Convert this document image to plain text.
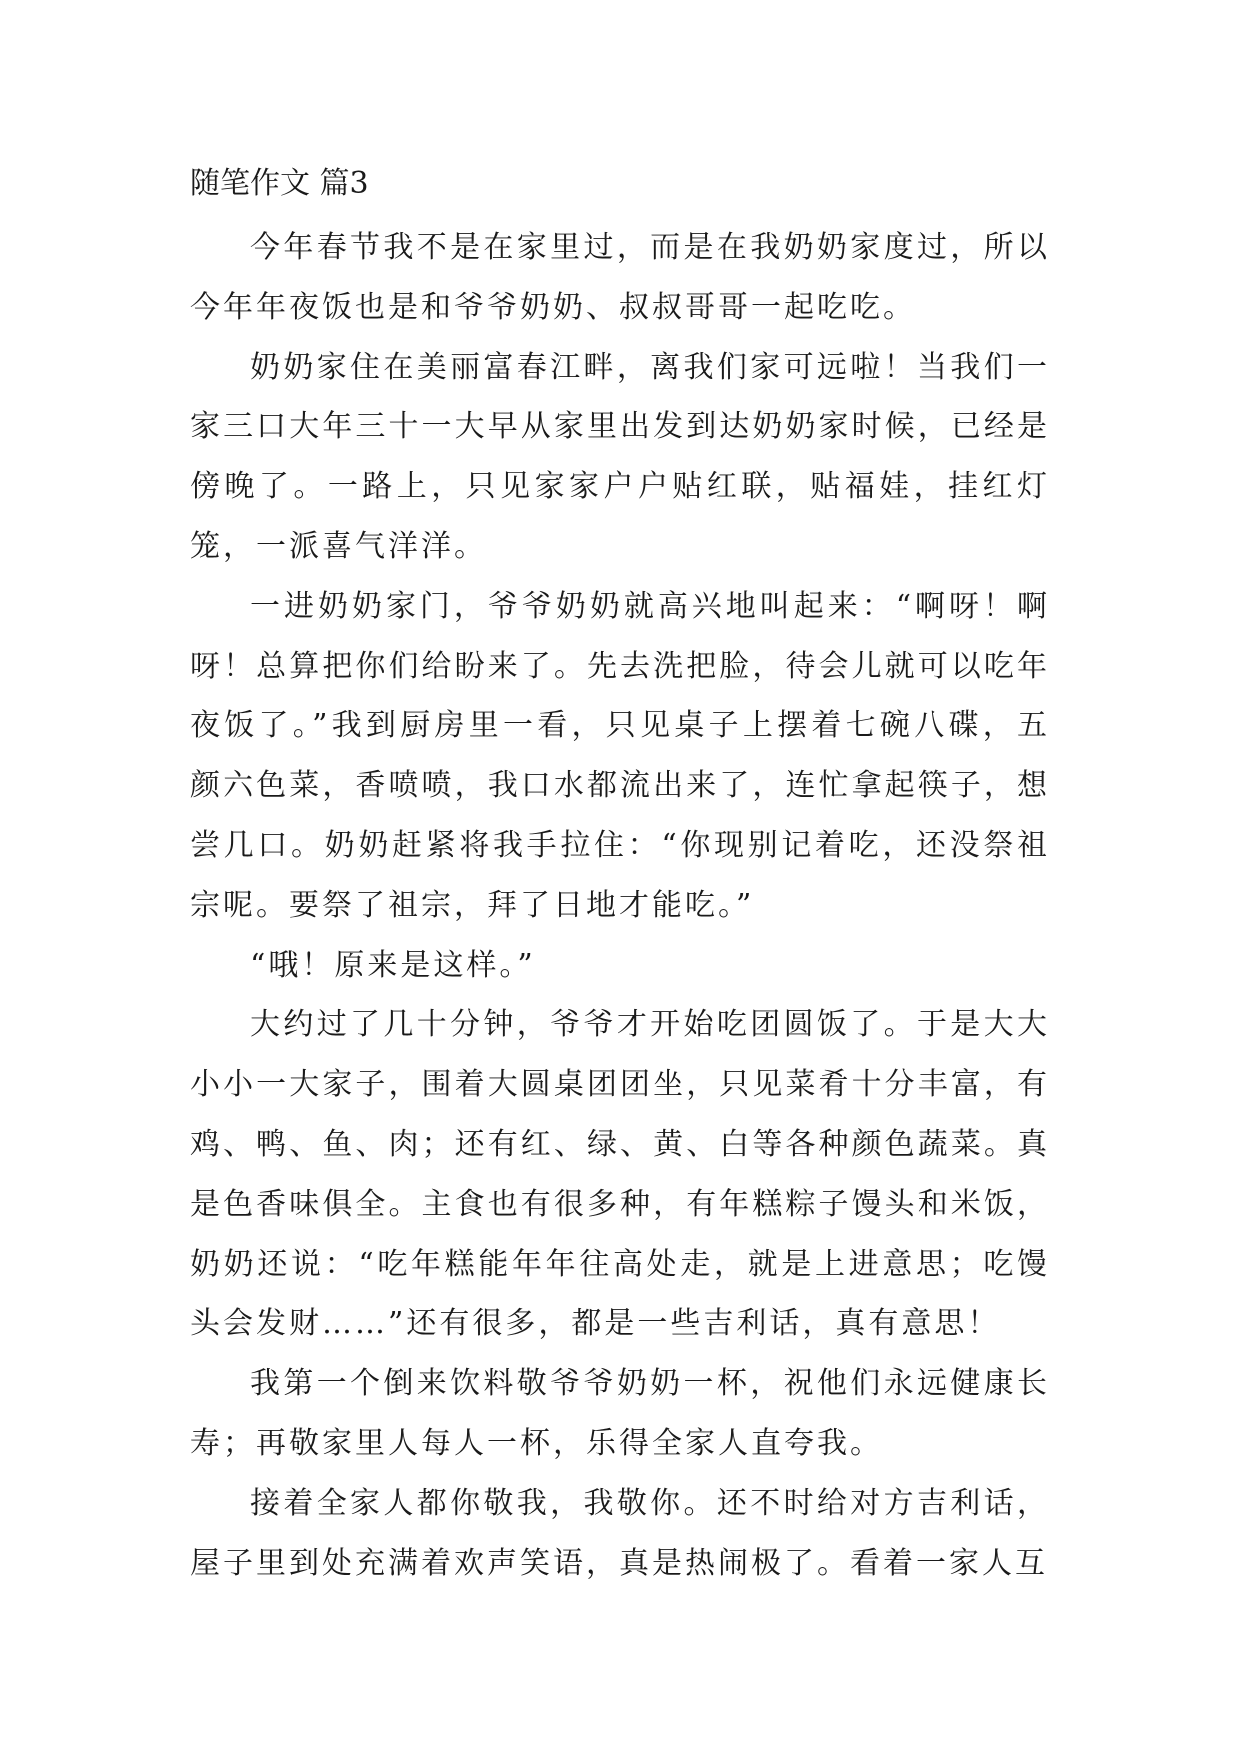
随笔作文 篇3

今年春节我不是在家里过，而是在我奶奶家度过，所以今年年夜饭也是和爷爷奶奶、叔叔哥哥一起吃吃。

奶奶家住在美丽富春江畔，离我们家可远啦！当我们一家三口大年三十一大早从家里出发到达奶奶家时候，已经是傍晚了。一路上，只见家家户户贴红联，贴福娃，挂红灯笼，一派喜气洋洋。

一进奶奶家门，爷爷奶奶就高兴地叫起来：“啊呀！啊呀！总算把你们给盼来了。先去洗把脸，待会儿就可以吃年夜饭了。”我到厨房里一看，只见桌子上摆着七碗八碟，五颜六色菜，香喷喷，我口水都流出来了，连忙拿起筷子，想尝几口。奶奶赶紧将我手拉住：“你现别记着吃，还没祭祖宗呢。要祭了祖宗，拜了日地才能吃。”

“哦！原来是这样。”

大约过了几十分钟，爷爷才开始吃团圆饭了。于是大大小小一大家子，围着大圆桌团团坐，只见菜肴十分丰富，有鸡、鸭、鱼、肉；还有红、绿、黄、白等各种颜色蔬菜。真是色香味俱全。主食也有很多种，有年糕粽子馒头和米饭，奶奶还说：“吃年糕能年年往高处走，就是上进意思；吃馒头会发财……”还有很多，都是一些吉利话，真有意思！

我第一个倒来饮料敬爷爷奶奶一杯，祝他们永远健康长寿；再敬家里人每人一杯，乐得全家人直夸我。

接着全家人都你敬我，我敬你。还不时给对方吉利话，屋子里到处充满着欢声笑语，真是热闹极了。看着一家人互
